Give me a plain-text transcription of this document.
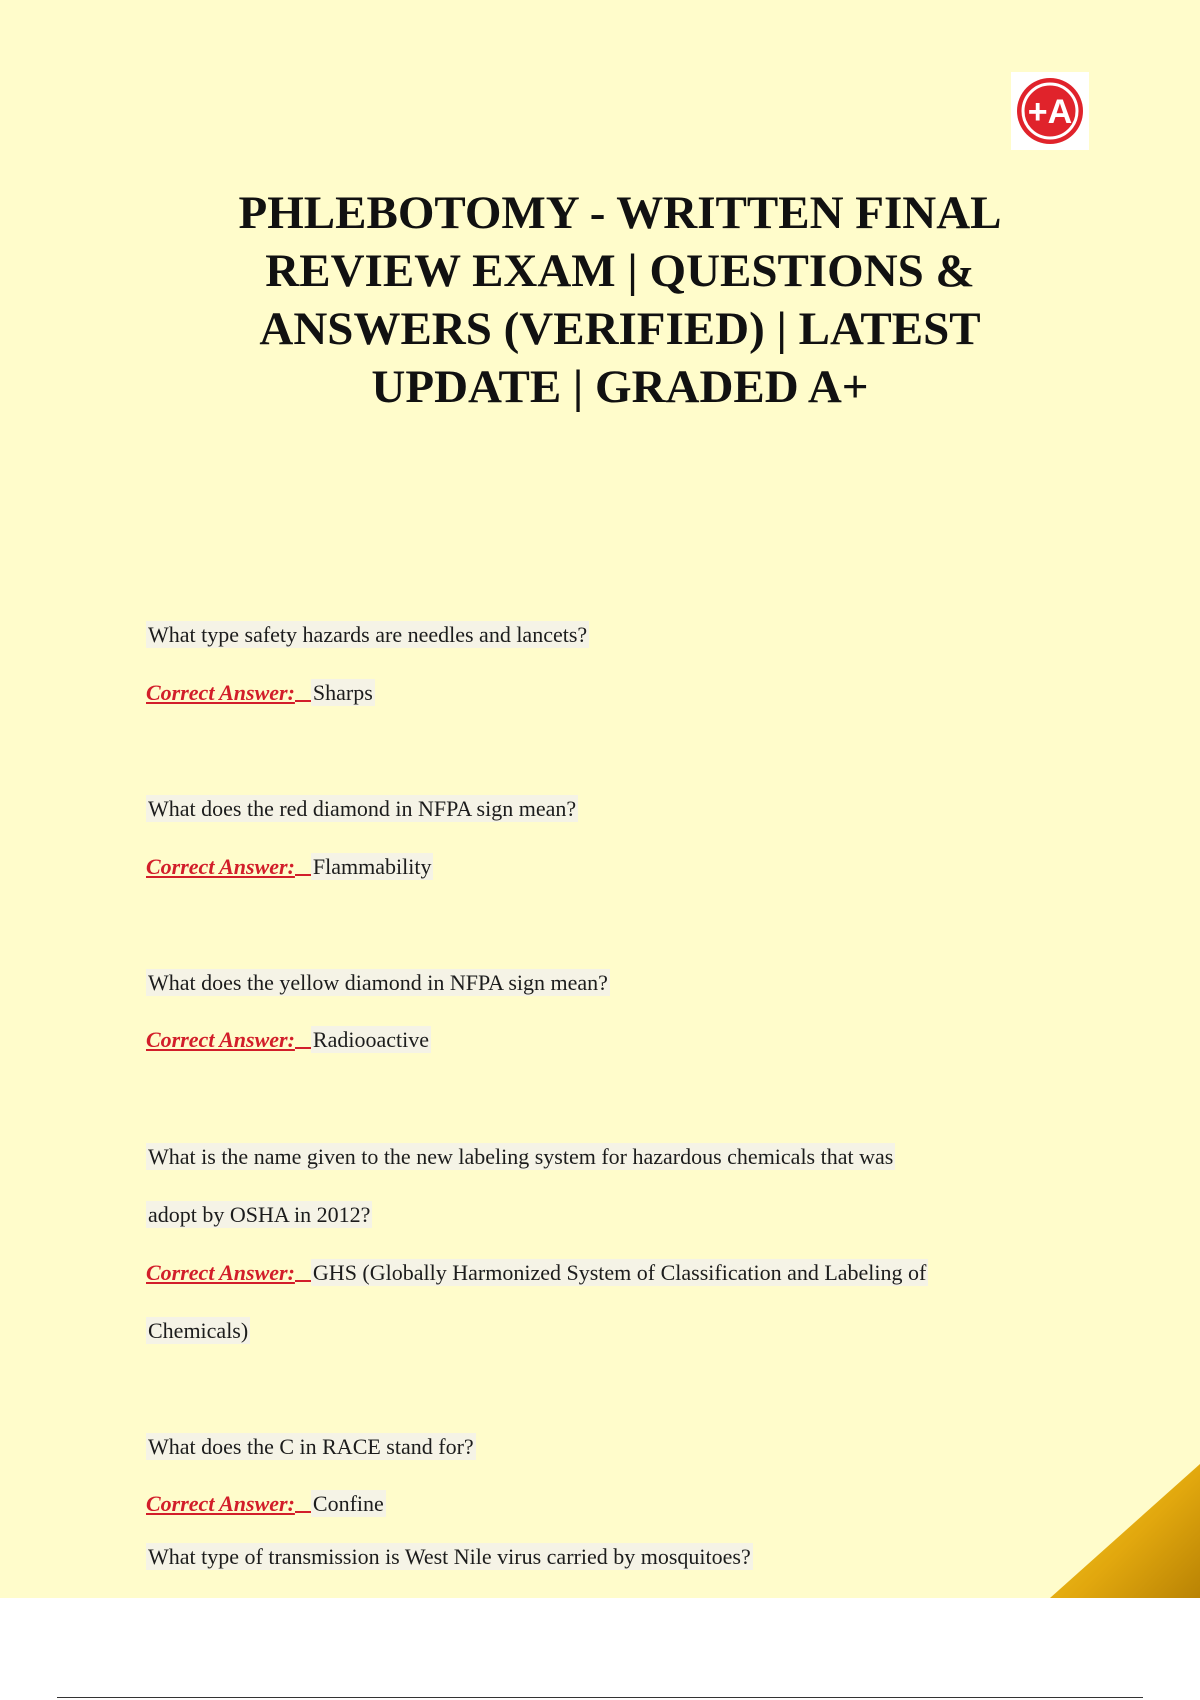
+A
PHLEBOTOMY - WRITTEN FINAL REVIEW EXAM | QUESTIONS & ANSWERS (VERIFIED) | LATEST UPDATE | GRADED A+
What type safety hazards are needles and lancets?
Correct Answer: Sharps
What does the red diamond in NFPA sign mean?
Correct Answer: Flammability
What does the yellow diamond in NFPA sign mean?
Correct Answer: Radiooactive
What is the name given to the new labeling system for hazardous chemicals that was
adopt by OSHA in 2012?
Correct Answer: GHS (Globally Harmonized System of Classification and Labeling of
Chemicals)
What does the C in RACE stand for?
Correct Answer: Confine
What type of transmission is West Nile virus carried by mosquitoes?
